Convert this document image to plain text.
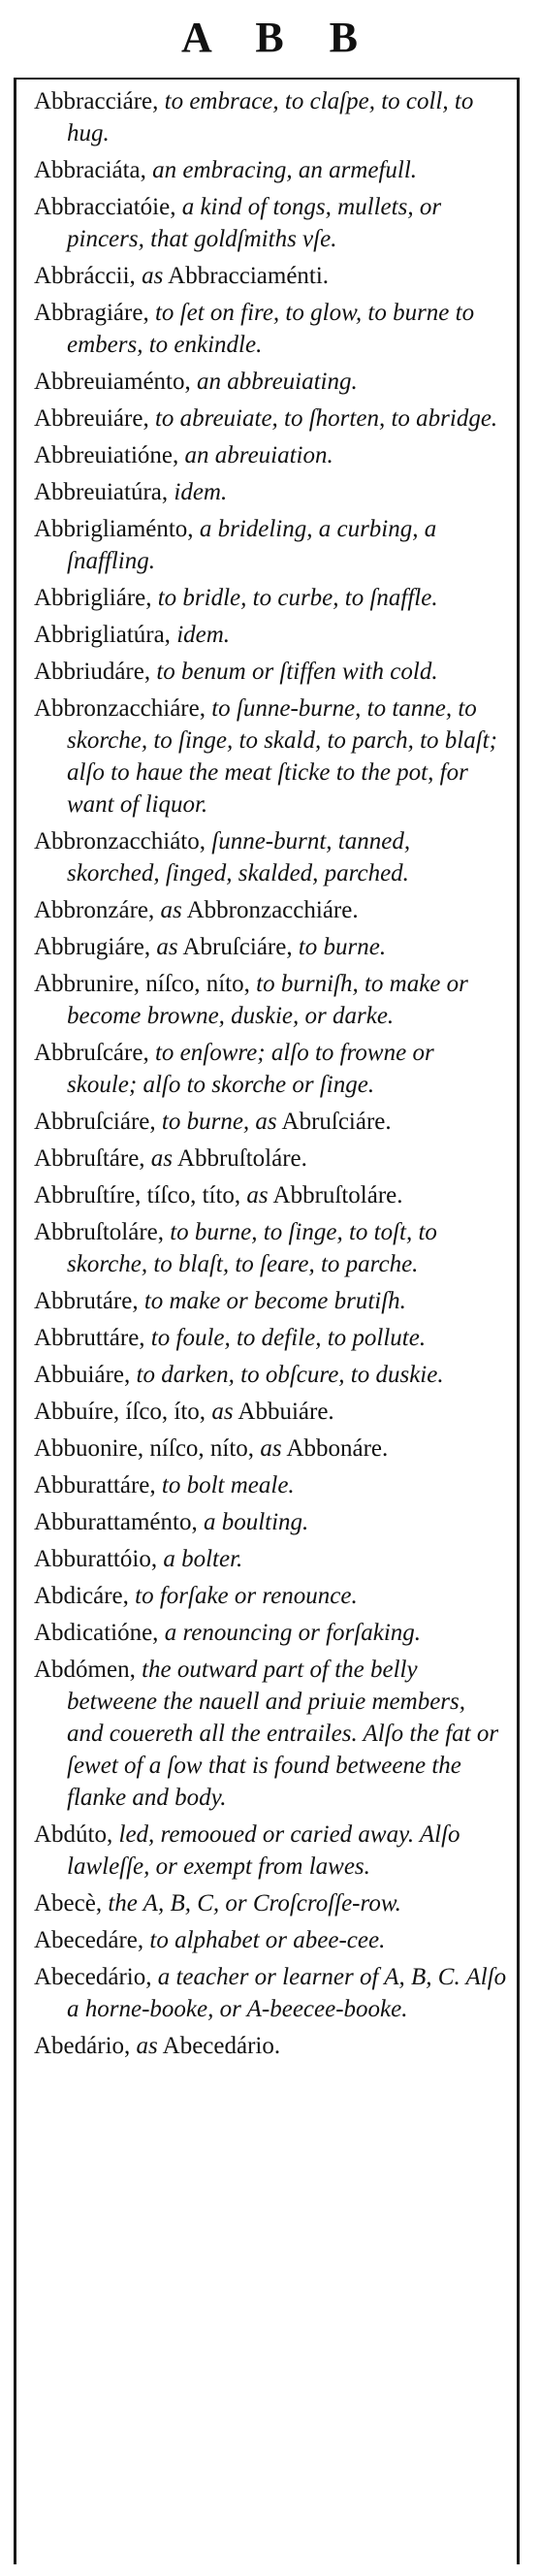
A B B
Abbracciáre, to embrace, to claſpe, to coll, to hug.
Abbraciáta, an embracing, an armefull.
Abbracciatóie, a kind of tongs, mullets, or pincers, that goldſmiths vſe.
Abbráccii, as Abbracciaménti.
Abbragiáre, to ſet on fire, to glow, to burne to embers, to enkindle.
Abbreuiaménto, an abbreuiating.
Abbreuiáre, to abreuiate, to ſhorten, to abridge.
Abbreuiatióne, an abreuiation.
Abbreuiatúra, idem.
Abbrigliaménto, a brideling, a curbing, a ſnaffling.
Abbrigliáre, to bridle, to curbe, to ſnaffle.
Abbrigliatúra, idem.
Abbriudáre, to benum or ſtiffen with cold.
Abbronzacchiáre, to ſunne-burne, to tanne, to skorche, to ſinge, to skald, to parch, to blaſt; alſo to haue the meat ſticke to the pot, for want of liquor.
Abbronzacchiáto, ſunne-burnt, tanned, skorched, ſinged, skalded, parched.
Abbronzáre, as Abbronzacchiáre.
Abbrugiáre, as Abruſciáre, to burne.
Abbrunire, níſco, níto, to burniſh, to make or become browne, duskie, or darke.
Abbruſcáre, to enſowre; alſo to frowne or skoule; alſo to skorche or ſinge.
Abbruſciáre, to burne, as Abruſciáre.
Abbruſtáre, as Abbruſtoláre.
Abbruſtíre, tíſco, títo, as Abbruſtoláre.
Abbruſtoláre, to burne, to ſinge, to toſt, to skorche, to blaſt, to ſeare, to parche.
Abbrutáre, to make or become brutiſh.
Abbruttáre, to foule, to defile, to pollute.
Abbuiáre, to darken, to obſcure, to duskie.
Abbuíre, íſco, íto, as Abbuiáre.
Abbuonire, níſco, níto, as Abbonáre.
Abburattáre, to bolt meale.
Abburattaménto, a boulting.
Abburattóio, a bolter.
Abdicáre, to forſake or renounce.
Abdicatióne, a renouncing or forſaking.
Abdómen, the outward part of the belly betweene the nauell and priuie members, and couereth all the entrailes. Alſo the fat or ſewet of a ſow that is found betweene the flanke and body.
Abdúto, led, remooued or caried away. Alſo lawleſſe, or exempt from lawes.
Abecè, the A, B, C, or Croſcroſſe-row.
Abecedáre, to alphabet or abee-cee.
Abecedário, a teacher or learner of A, B, C. Alſo a horne-booke, or A-beecee-booke.
Abedário, as Abecedário.
